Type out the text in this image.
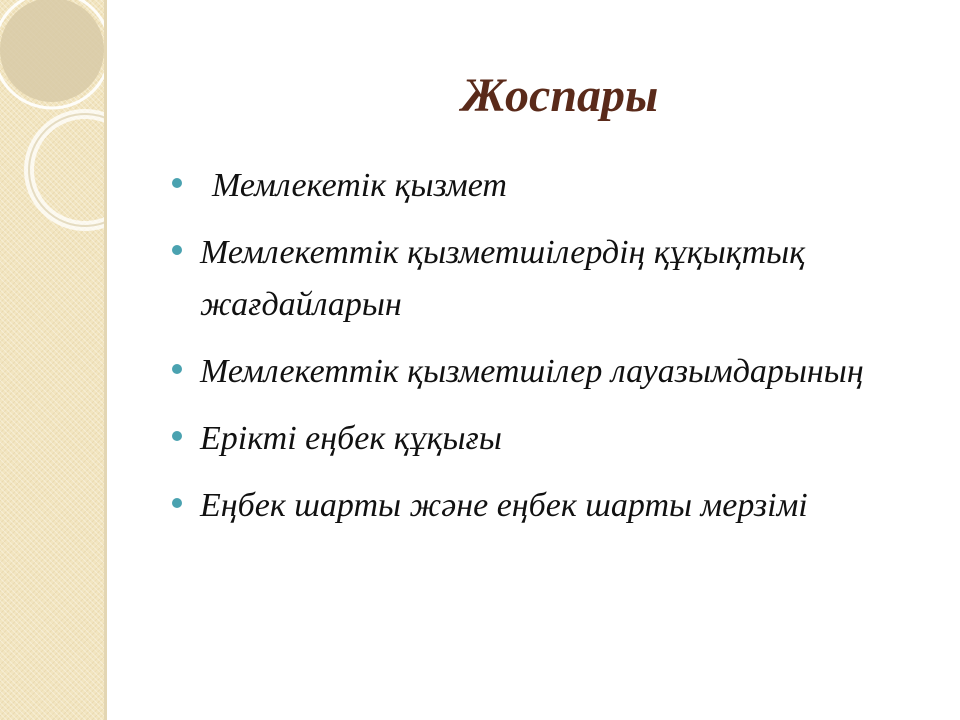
Жоспары
Мемлекетік қызмет
Мемлекеттік қызметшілердің құқықтық жағдайларын
Мемлекеттік қызметшілер лауазымдарының
Ерікті еңбек құқығы
Еңбек шарты және еңбек шарты мерзімі
